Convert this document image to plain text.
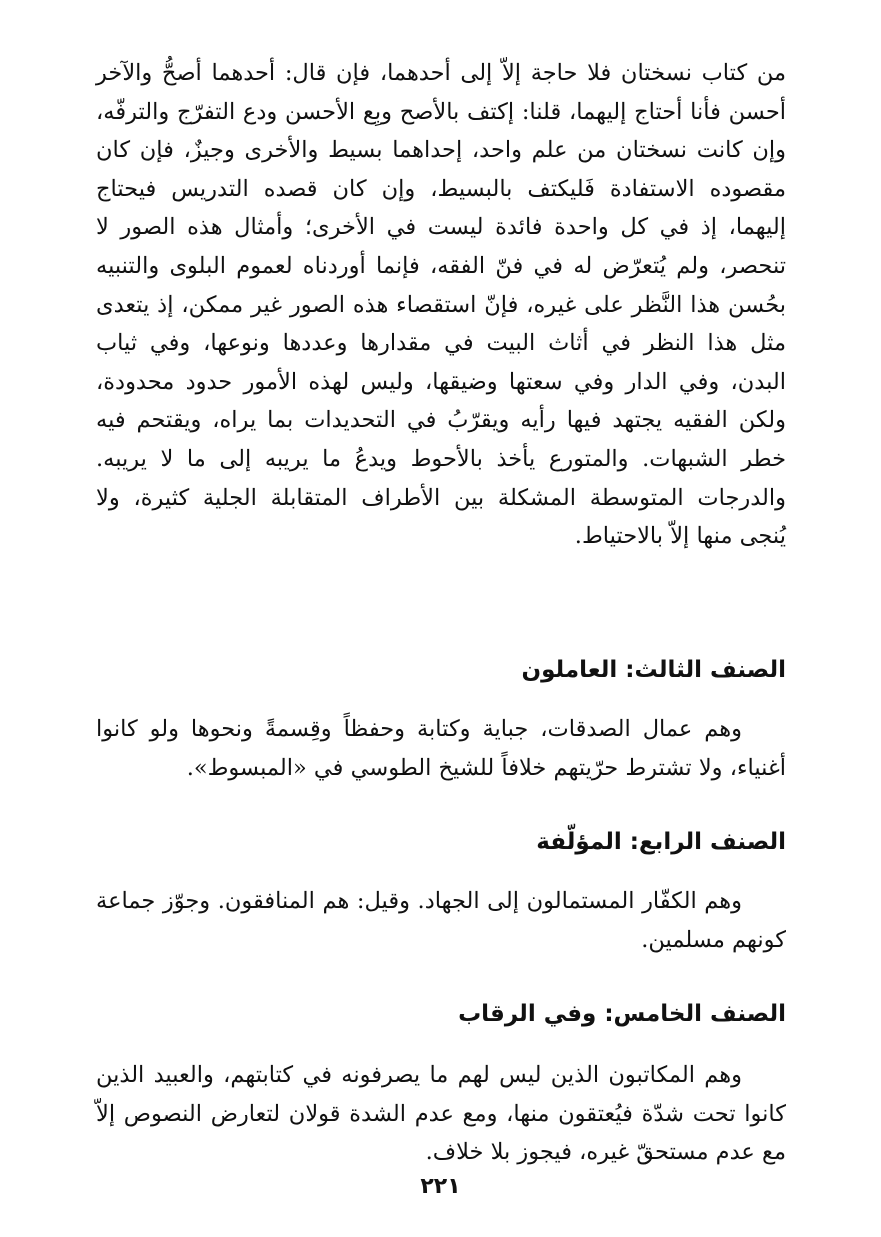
من كتاب نسختان فلا حاجة إلاّ إلى أحدهما، فإن قال: أحدهما أصحُّ والآخر أحسن فأنا أحتاج إليهما، قلنا: إكتف بالأصح وبِع الأحسن ودع التفرّج والترفّه، وإن كانت نسختان من علم واحد، إحداهما بسيط والأخرى وجيزٌ، فإن كان مقصوده الاستفادة فَليكتف بالبسيط، وإن كان قصده التدريس فيحتاج إليهما، إذ في كل واحدة فائدة ليست في الأخرى؛ وأمثال هذه الصور لا تنحصر، ولم يُتعرّض له في فنّ الفقه، فإنما أوردناه لعموم البلوى والتنبيه بحُسن هذا النَّظر على غيره، فإنّ استقصاء هذه الصور غير ممكن، إذ يتعدى مثل هذا النظر في أثاث البيت في مقدارها وعددها ونوعها، وفي ثياب البدن، وفي الدار وفي سعتها وضيقها، وليس لهذه الأمور حدود محدودة، ولكن الفقيه يجتهد فيها رأيه ويقرّبُ في التحديدات بما يراه، ويقتحم فيه خطر الشبهات. والمتورع يأخذ بالأحوط ويدعُ ما يريبه إلى ما لا يريبه. والدرجات المتوسطة المشكلة بين الأطراف المتقابلة الجلية كثيرة، ولا يُنجى منها إلاّ بالاحتياط.

الصنف الثالث: العاملون

وهم عمال الصدقات، جباية وكتابة وحفظاً وقِسمةً ونحوها ولو كانوا أغنياء، ولا تشترط حرّيتهم خلافاً للشيخ الطوسي في «المبسوط».

الصنف الرابع: المؤلّفة

وهم الكفّار المستمالون إلى الجهاد. وقيل: هم المنافقون. وجوّز جماعة كونهم مسلمين.

الصنف الخامس: وفي الرقاب

وهم المكاتبون الذين ليس لهم ما يصرفونه في كتابتهم، والعبيد الذين كانوا تحت شدّة فيُعتقون منها، ومع عدم الشدة قولان لتعارض النصوص إلاّ مع عدم مستحقّ غيره، فيجوز بلا خلاف.

٢٢١
